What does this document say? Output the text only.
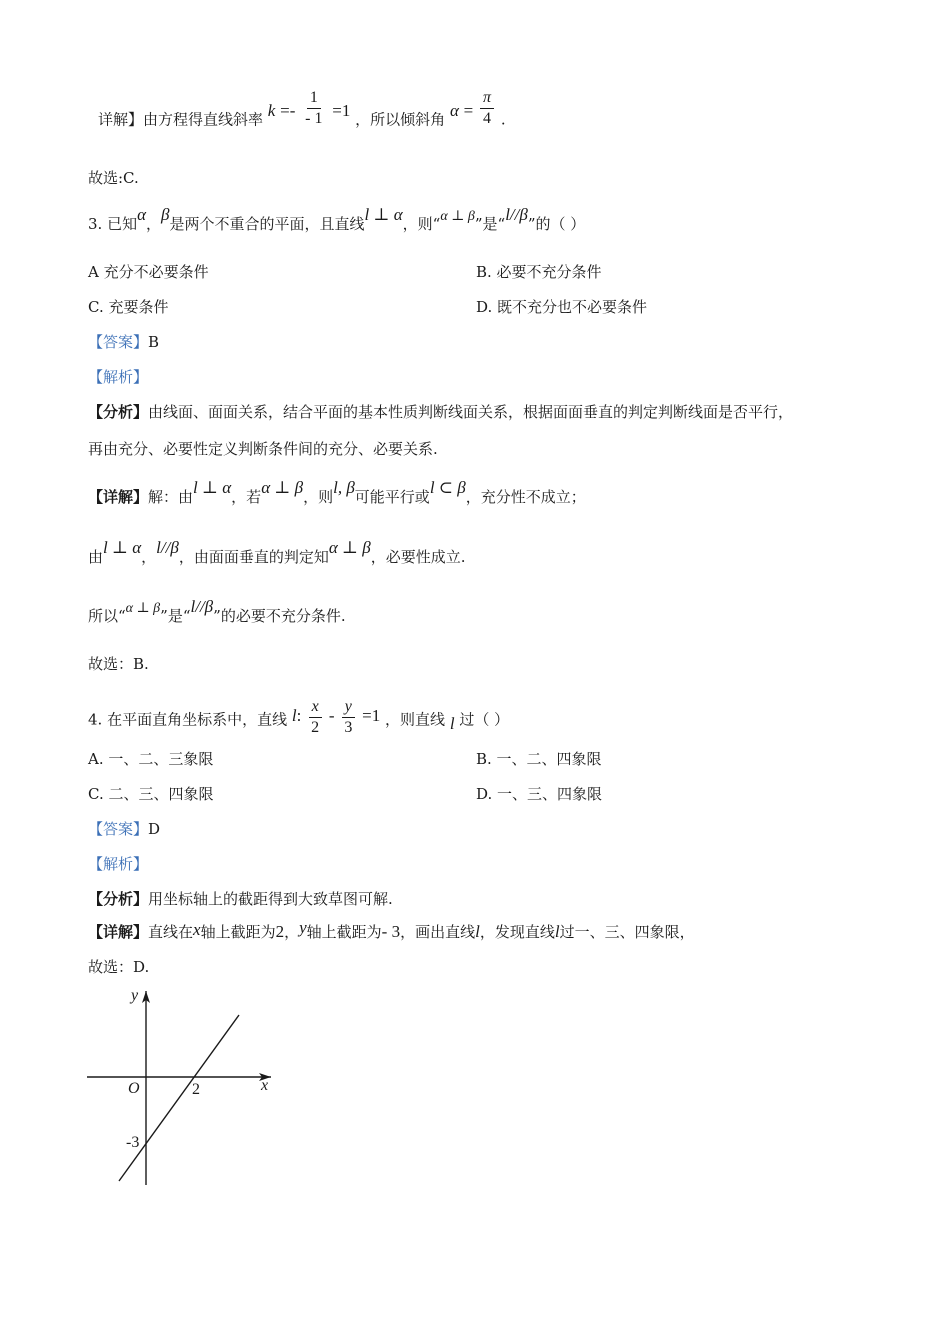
详解】由方程得直线斜率 $k =- \frac{1}{- 1} =1$ ，所以倾斜角 $\alpha = \frac{\pi}{4}$ .
故选:C.
3. 已知α，β是两个不重合的平面，且直线l ⊥ α，则“α ⊥ β”是“l//β”的（ ）
A 充分不必要条件	B. 必要不充分条件
C. 充要条件	D. 既不充分也不必要条件
【答案】B
【解析】
【分析】由线面、面面关系，结合平面的基本性质判断线面关系，根据面面垂直的判定判断线面是否平行，
再由充分、必要性定义判断条件间的充分、必要关系.
【详解】解：由l ⊥ α，若α ⊥ β，则l, β可能平行或l ⊂ β，充分性不成立；
由l ⊥ α，l//β，由面面垂直的判定知α ⊥ β，必要性成立.
所以“α ⊥ β”是“l//β”的必要不充分条件.
故选：B.
4. 在平面直角坐标系中，直线 l: $\frac{x}{2} - \frac{y}{3} =1$ ，则直线 l 过（ ）
A. 一、二、三象限	B. 一、二、四象限
C. 二、三、四象限	D. 一、三、四象限
【答案】D
【解析】
【分析】用坐标轴上的截距得到大致草图可解.
【详解】直线在x轴上截距为2，y轴上截距为- 3，画出直线l，发现直线l过一、三、四象限，
故选：D.
y
x
O	2
-3
